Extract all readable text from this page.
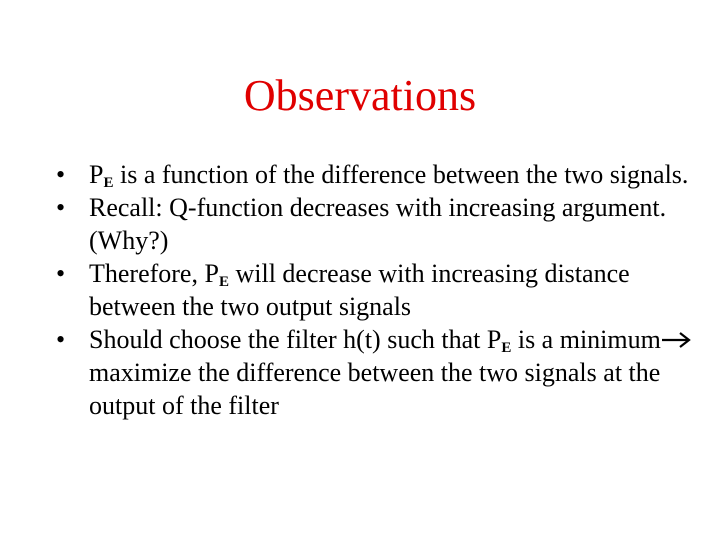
Observations
• $P_E$ is a function of the difference between the two signals.
• Recall: Q-function decreases with increasing argument. (Why?)
• Therefore, $P_E$ will decrease with increasing distance between the two output signals
• Should choose the filter h(t) such that $P_E$ is a minimummaximize the difference between the two signals at the output of the filter
